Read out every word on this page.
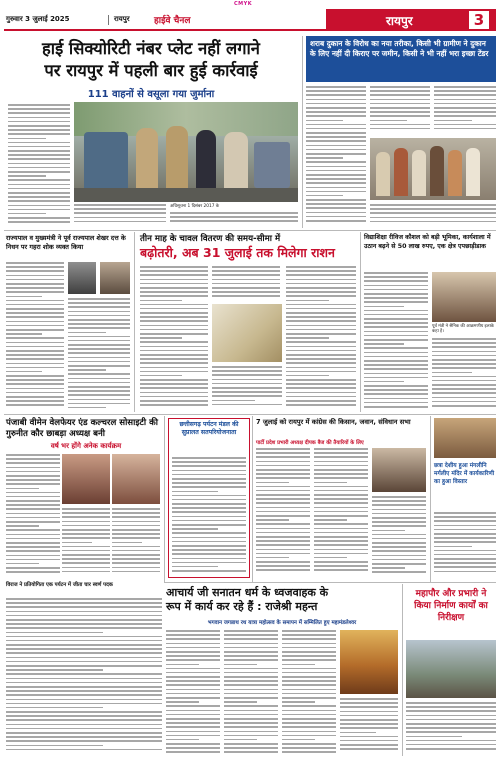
CMYK
गुरुवार 3 जुलाई 2025	रायपुर	हाईवे चैनल	रायपुर	3
हाई सिक्योरिटी नंबर प्लेट नहीं लगाने
पर रायपुर में पहली बार हुई कार्रवाई
111 वाहनों से वसूला गया जुर्माना
अधिसूचना 1 दिसंबर 2017 के
शराब दुकान के विरोध का नया तरीका, किसी भी ग्रामीण ने दुकान के लिए नहीं दी किराए पर जमीन, किसी ने भी नहीं भरा इच्छा टेंडर
राज्यपाल व मुख्यमंत्री ने पूर्व राज्यपाल शेखर दत्त के निधन पर गहरा शोक व्यक्त किया
तीन माह के चावल वितरण की समय-सीमा में
बढ़ोतरी, अब 31 जुलाई तक मिलेगा राशन
विद्याशिक्षा रीविज कौशल को बड़ी भूमिका, कार्यशाला में उठान बढ़ने से 50 लाख रुपए, एक क्षेत्र एपछाड़ीडाक
पूर्व मंत्री ने सैनिक की आक्रमणीय इलाके कहा है।
पंजाबी वीमेन वेलफेयर एंड कल्चरल सोसाइटी की गुरुनीत कौर छाबड़ा अध्यक्ष बनी
वर्ष भर होंगे अनेक कार्यक्रम
छत्तीसगढ़ पर्यटन मंडल की सुप्रालत सतपरियोजनाता
7 जुलाई को रायपुर में कांग्रेस की किसान, जवान, संविधान सभा
पार्टी प्रदेश प्रभारी अध्यक्ष दीपक बैज की तैयारियों के लिए
छत्रा देशीय हुआ मंगलीनि मर्गलीए मंदिर में कार्यकारिणी का हुआ विस्तार
विराज ने प्रतियोगिता एक पर्यटन में जीता चार स्वर्ण पदक
आचार्य जी सनातन धर्म के ध्वजवाहक के
रूप में कार्य कर रहे हैं : राजेश्री महन्त
भगवान जगन्नाथ रथ यात्रा महोत्सव के समापन में सम्मिलित हुए महामंडलेश्वर
महापौर और प्रभारी ने किया निर्माण कार्यों का निरीक्षण
